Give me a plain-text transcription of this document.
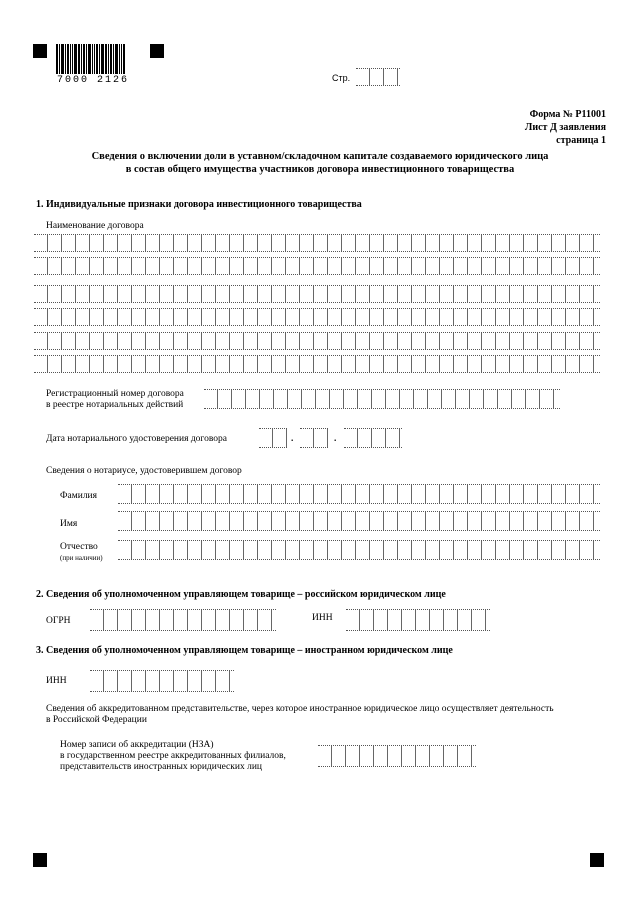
7000 2126	Стр.
Форма № Р11001
Лист Д заявления
страница 1
Сведения о включении доли в уставном/складочном капитале создаваемого юридического лица
в состав общего имущества участников договора инвестиционного товарищества
1. Индивидуальные признаки договора инвестиционного товарищества
Наименование договора
Регистрационный номер договора
в реестре нотариальных действий
Дата нотариального удостоверения договора	.	.
Сведения о нотариусе, удостоверившем договор
Фамилия
Имя
Отчество
(при наличии)
2. Сведения об уполномоченном управляющем товарище – российском юридическом лице
ОГРН	ИНН
3. Сведения об уполномоченном управляющем товарище – иностранном юридическом лице
ИНН
Сведения об аккредитованном представительстве, через которое иностранное юридическое лицо осуществляет деятельность
в Российской Федерации
Номер записи об аккредитации (НЗА)
в государственном реестре аккредитованных филиалов,
представительств иностранных юридических лиц
